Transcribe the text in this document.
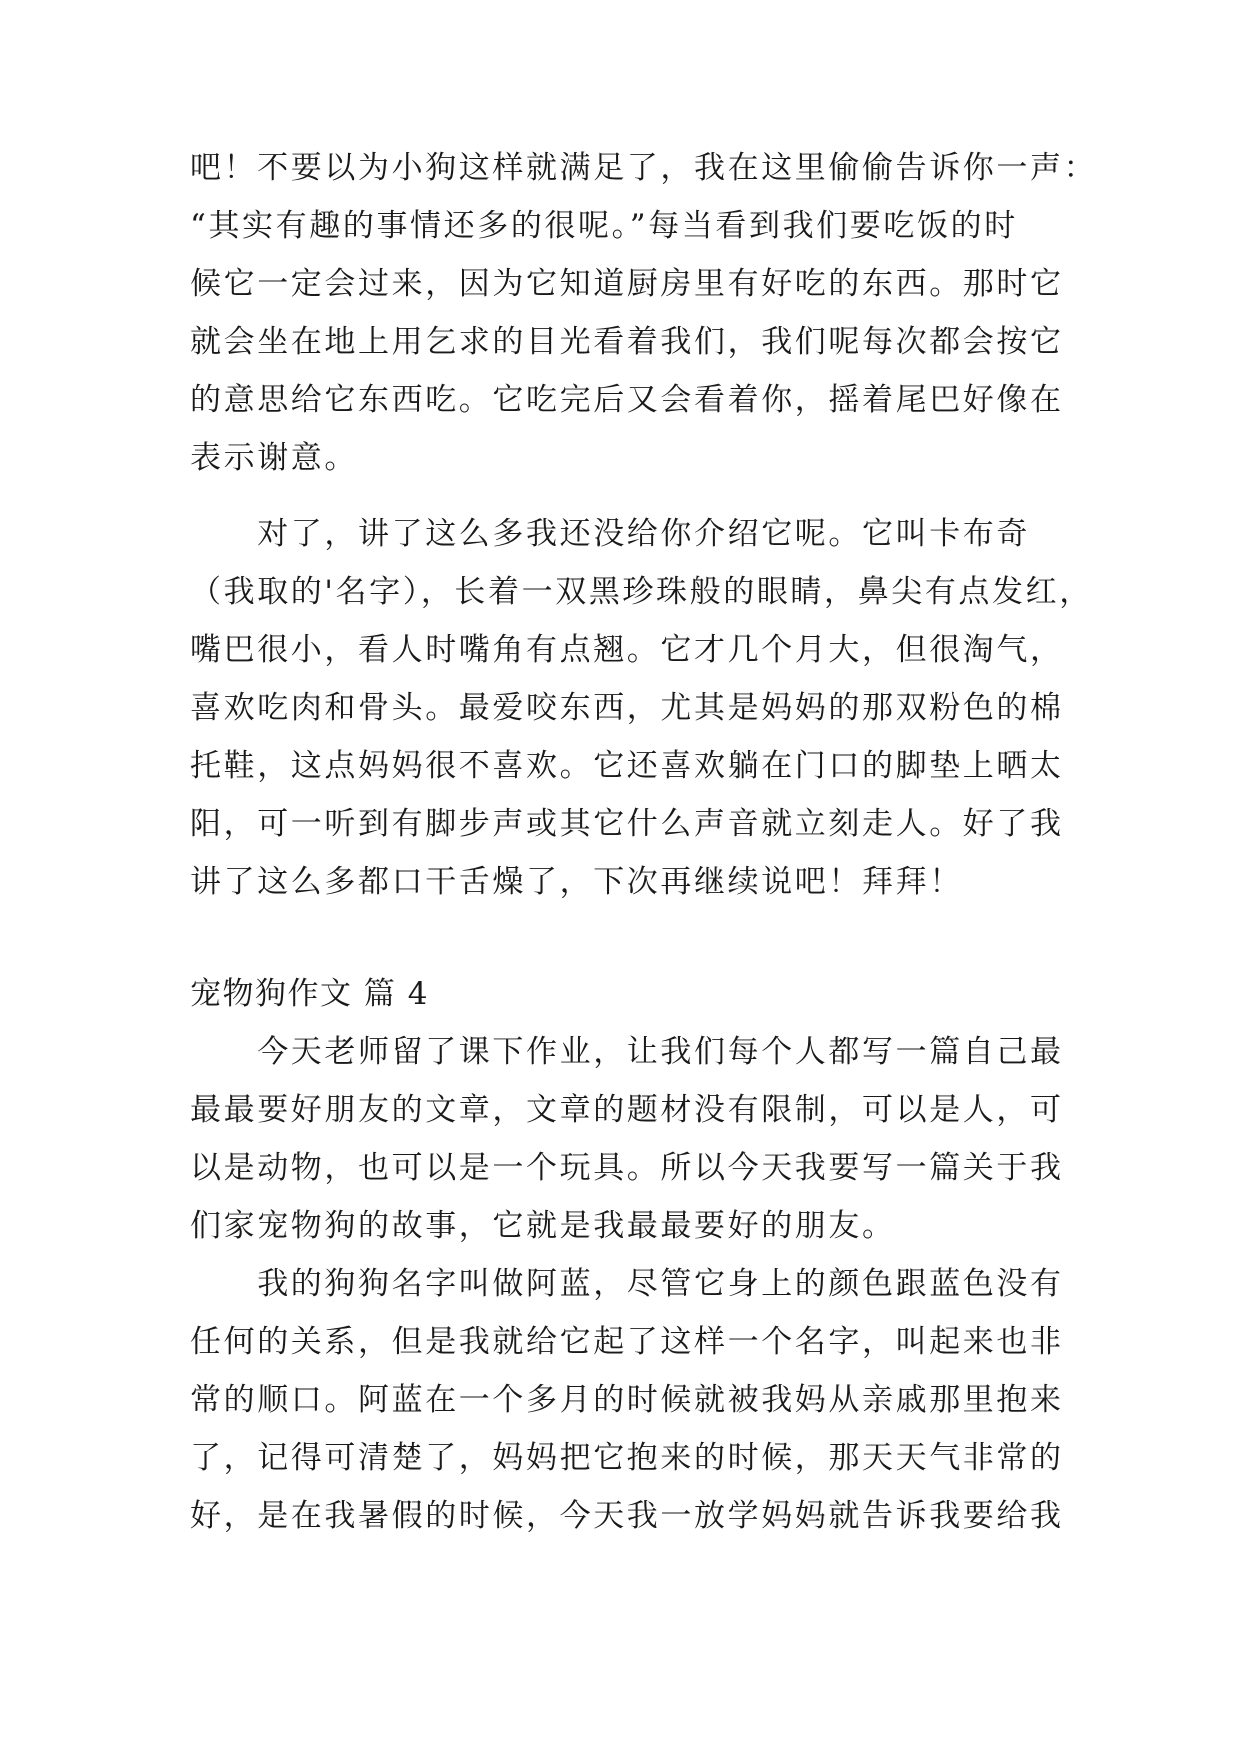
吧！不要以为小狗这样就满足了，我在这里偷偷告诉你一声：
“其实有趣的事情还多的很呢。”每当看到我们要吃饭的时
候它一定会过来，因为它知道厨房里有好吃的东西。那时它
就会坐在地上用乞求的目光看着我们，我们呢每次都会按它
的意思给它东西吃。它吃完后又会看着你，摇着尾巴好像在
表示谢意。
　　对了，讲了这么多我还没给你介绍它呢。它叫卡布奇
（我取的'名字），长着一双黑珍珠般的眼睛，鼻尖有点发红，
嘴巴很小，看人时嘴角有点翘。它才几个月大，但很淘气，
喜欢吃肉和骨头。最爱咬东西，尤其是妈妈的那双粉色的棉
托鞋，这点妈妈很不喜欢。它还喜欢躺在门口的脚垫上晒太
阳，可一听到有脚步声或其它什么声音就立刻走人。好了我
讲了这么多都口干舌燥了，下次再继续说吧！拜拜！
宠物狗作文 篇 4
　　今天老师留了课下作业，让我们每个人都写一篇自己最
最最要好朋友的文章，文章的题材没有限制，可以是人，可
以是动物，也可以是一个玩具。所以今天我要写一篇关于我
们家宠物狗的故事，它就是我最最要好的朋友。
　　我的狗狗名字叫做阿蓝，尽管它身上的颜色跟蓝色没有
任何的关系，但是我就给它起了这样一个名字，叫起来也非
常的顺口。阿蓝在一个多月的时候就被我妈从亲戚那里抱来
了，记得可清楚了，妈妈把它抱来的时候，那天天气非常的
好，是在我暑假的时候，今天我一放学妈妈就告诉我要给我
